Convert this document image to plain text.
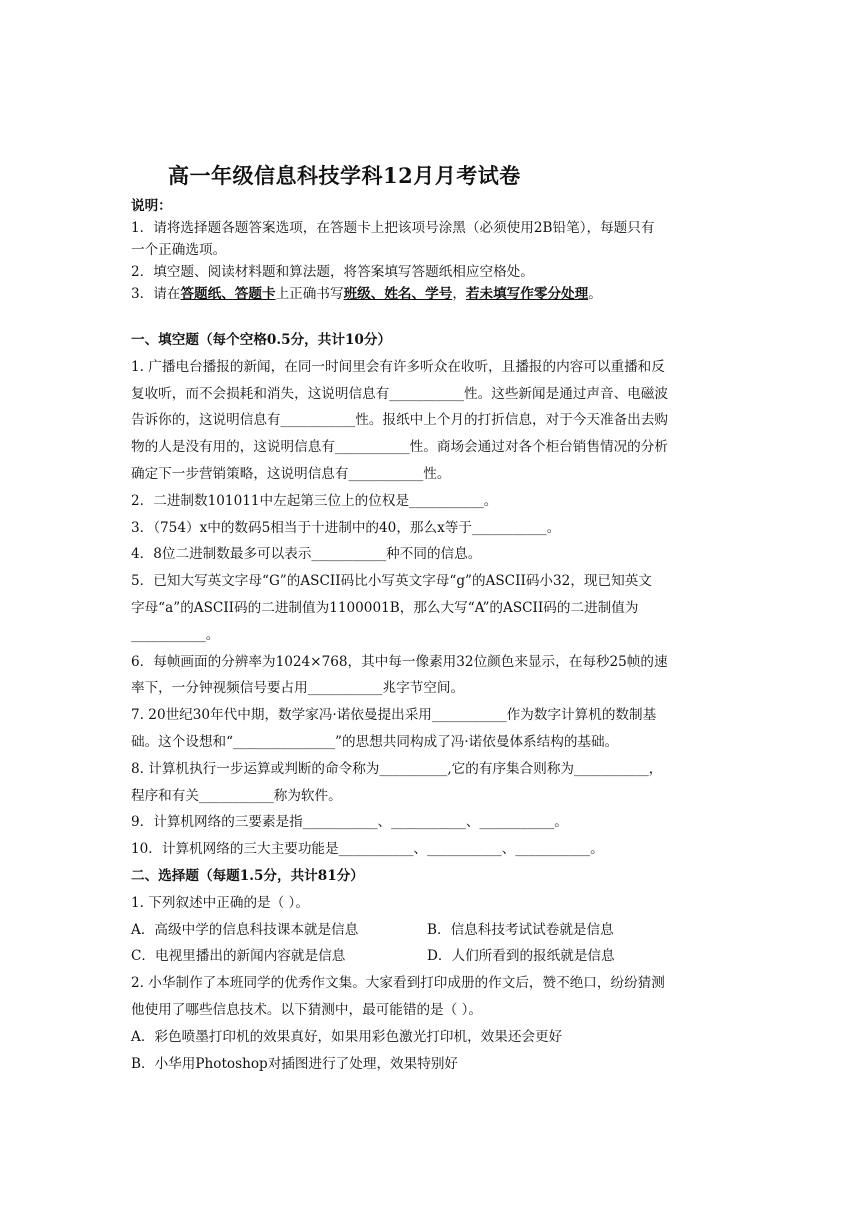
高一年级信息科技学科12月月考试卷
说明：
1．请将选择题各题答案选项，在答题卡上把该项号涂黑（必须使用2B铅笔），每题只有
一个正确选项。
2．填空题、阅读材料题和算法题，将答案填写答题纸相应空格处。
3．请在答题纸、答题卡上正确书写班级、姓名、学号，若未填写作零分处理。
一、填空题（每个空格0.5分，共计10分）
1. 广播电台播报的新闻，在同一时间里会有许多听众在收听，且播报的内容可以重播和反
复收听，而不会损耗和消失，这说明信息有___________性。这些新闻是通过声音、电磁波
告诉你的，这说明信息有___________性。报纸中上个月的打折信息，对于今天准备出去购
物的人是没有用的，这说明信息有___________性。商场会通过对各个柜台销售情况的分析
确定下一步营销策略，这说明信息有___________性。
2．二进制数101011中左起第三位上的位权是___________。
3．（754）x中的数码5相当于十进制中的40，那么x等于___________。
4．8位二进制数最多可以表示___________种不同的信息。
5．已知大写英文字母“G”的ASCII码比小写英文字母“g”的ASCII码小32，现已知英文
字母“a”的ASCII码的二进制值为1100001B，那么大写“A”的ASCII码的二进制值为
___________。
6．每帧画面的分辨率为1024×768，其中每一像素用32位颜色来显示，在每秒25帧的速
率下，一分钟视频信号要占用___________兆字节空间。
7. 20世纪30年代中期，数学家冯·诺依曼提出采用___________作为数字计算机的数制基
础。这个设想和“_______________”的思想共同构成了冯·诺依曼体系结构的基础。
8. 计算机执行一步运算或判断的命令称为__________,它的有序集合则称为___________，
程序和有关___________称为软件。
9．计算机网络的三要素是指___________、___________、___________。
10．计算机网络的三大主要功能是___________、___________、___________。
二、选择题（每题1.5分，共计81分）
1. 下列叙述中正确的是（ ）。
A．高级中学的信息科技课本就是信息	B．信息科技考试试卷就是信息
C．电视里播出的新闻内容就是信息	D．人们所看到的报纸就是信息
2. 小华制作了本班同学的优秀作文集。大家看到打印成册的作文后，赞不绝口，纷纷猜测
他使用了哪些信息技术。以下猜测中，最可能错的是（ ）。
A．彩色喷墨打印机的效果真好，如果用彩色激光打印机，效果还会更好
B．小华用Photoshop对插图进行了处理，效果特别好
